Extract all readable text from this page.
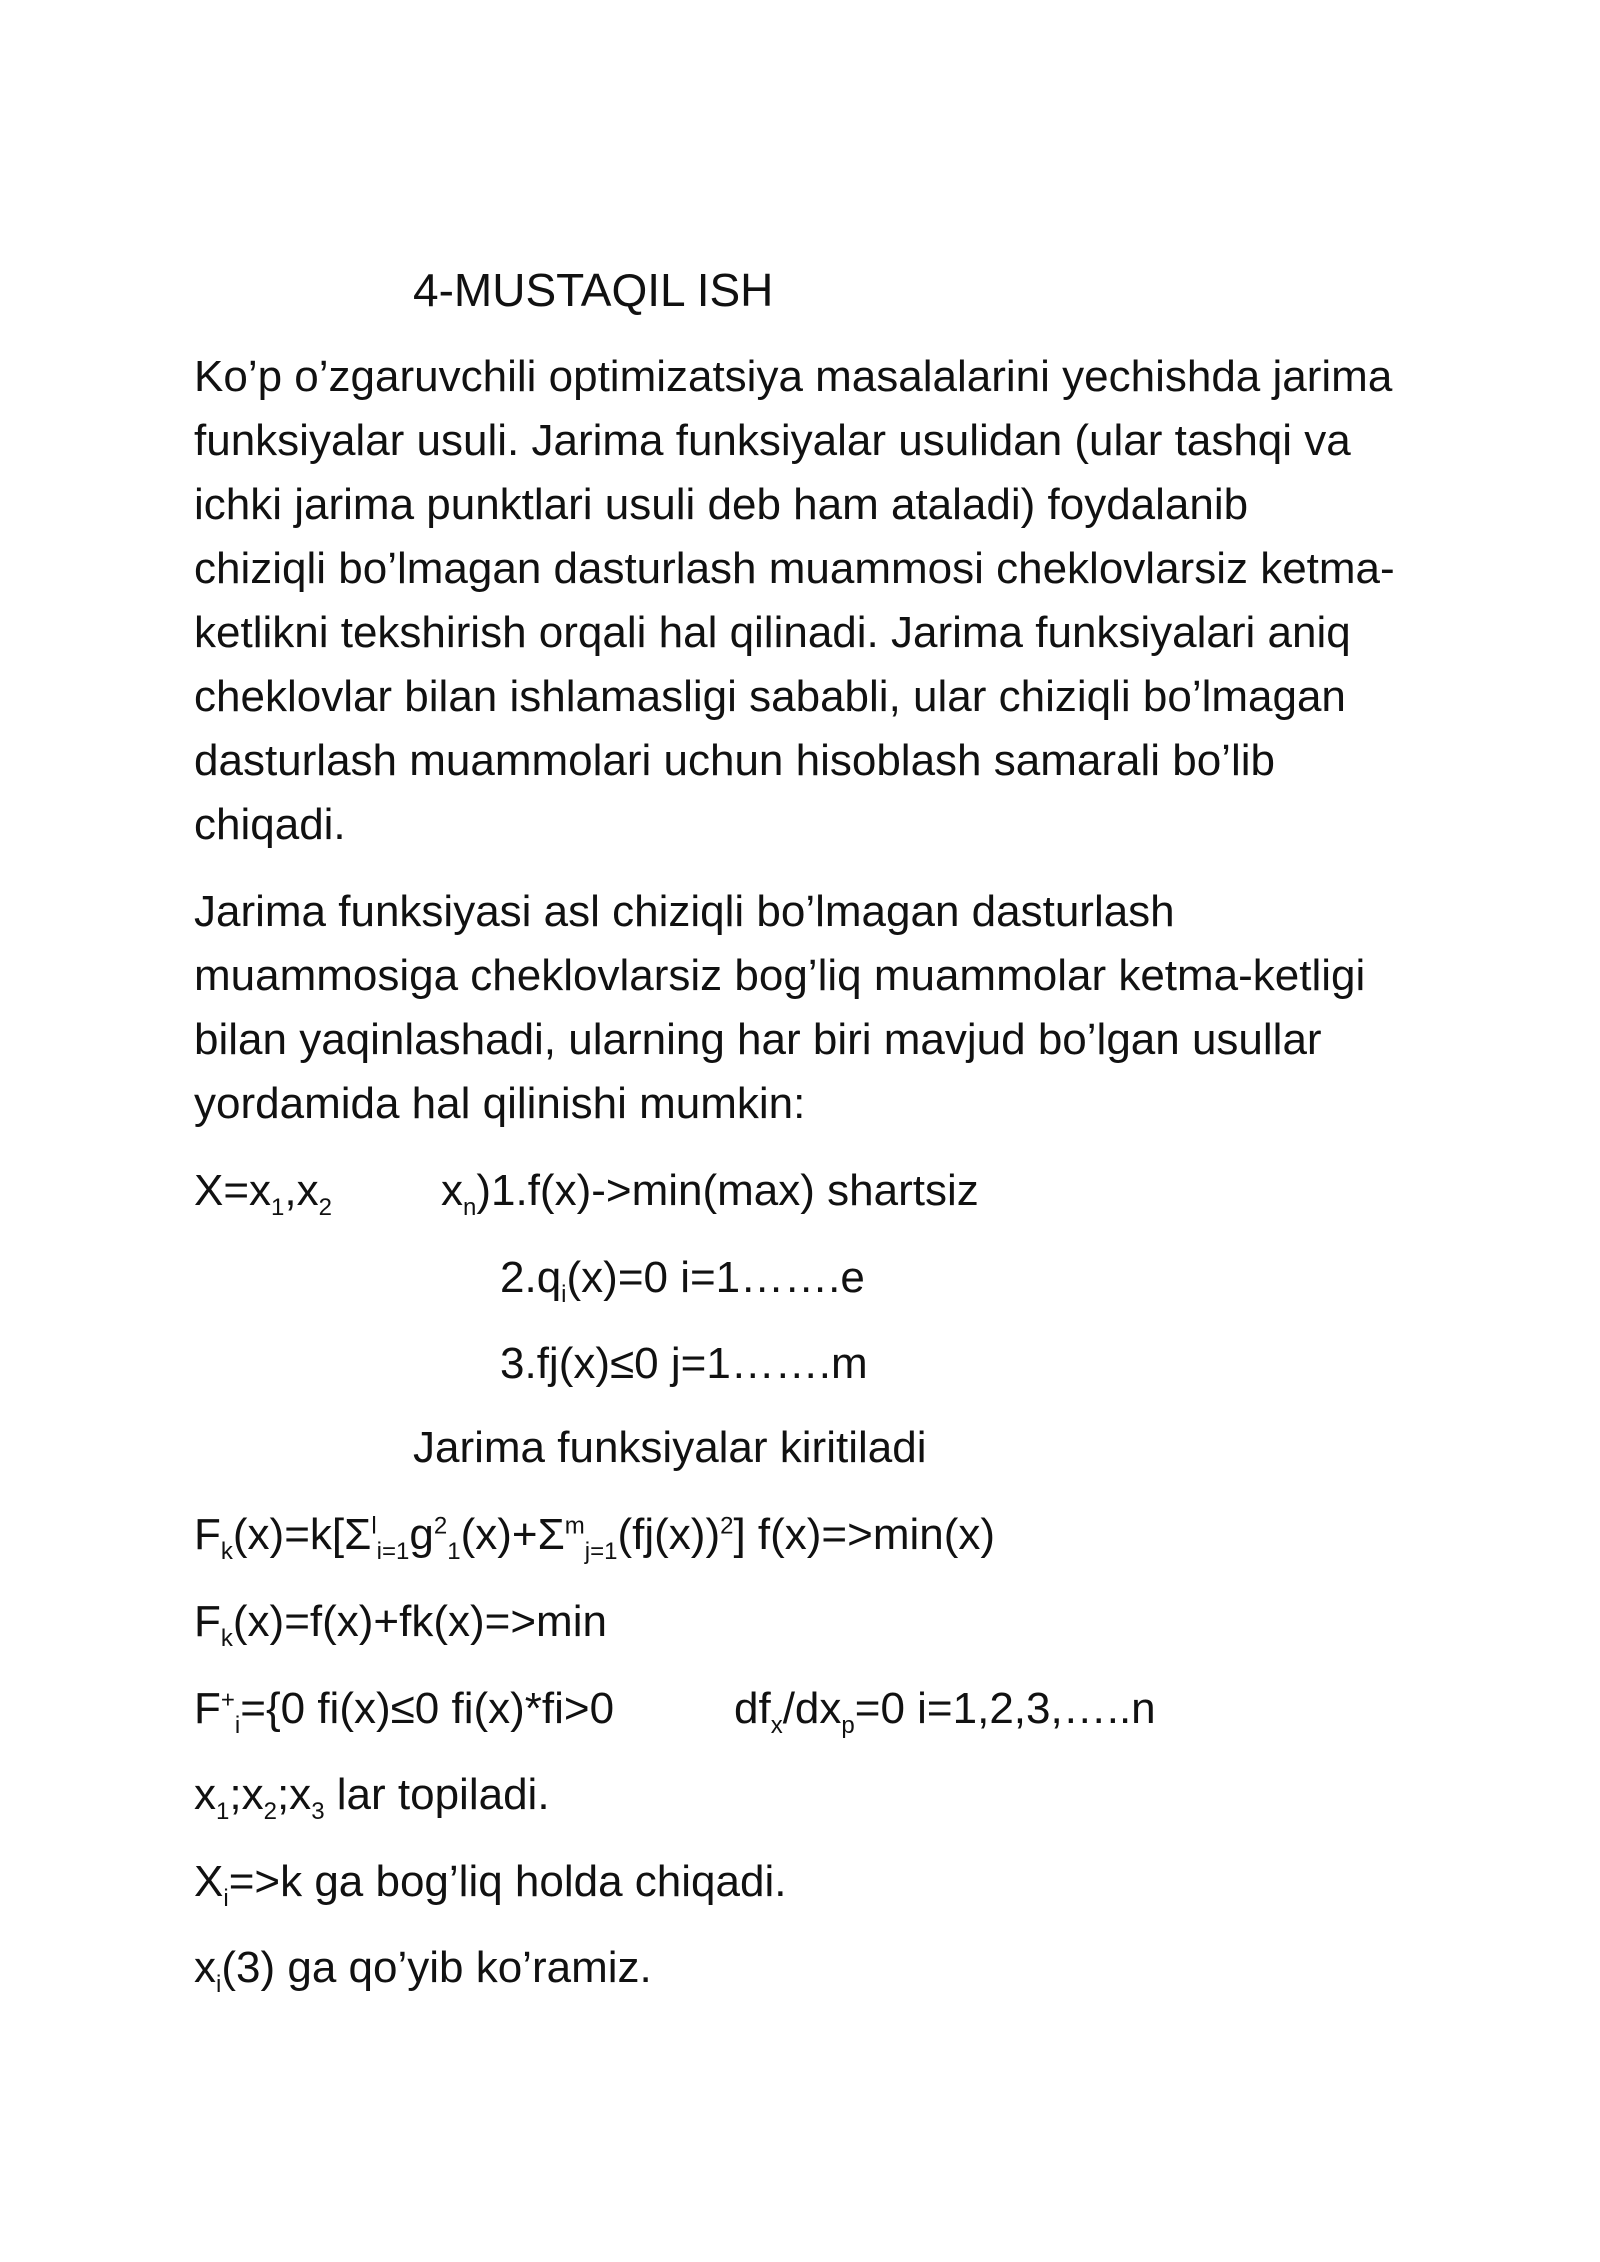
4-MUSTAQIL ISH
Ko’p o’zgaruvchili optimizatsiya masalalarini yechishda jarima
funksiyalar usuli. Jarima funksiyalar usulidan (ular tashqi va
ichki jarima punktlari usuli deb ham ataladi) foydalanib
chiziqli bo’lmagan dasturlash muammosi cheklovlarsiz ketma-
ketlikni tekshirish orqali hal qilinadi. Jarima funksiyalari aniq
cheklovlar bilan ishlamasligi sababli, ular chiziqli bo’lmagan
dasturlash muammolari uchun hisoblash samarali bo’lib
chiqadi.
Jarima funksiyasi asl chiziqli bo’lmagan dasturlash
muammosiga cheklovlarsiz bog’liq muammolar ketma-ketligi
bilan yaqinlashadi, ularning har biri mavjud bo’lgan usullar
yordamida hal qilinishi mumkin:
$X=x_1,x_2$ $x_n)1.f(x)->\min(\max)$ shartsiz
$2.q_i(x)=0$ i=1…….e
3.fj(x)≤0 j=1…….m
Jarima funksiyalar kiritiladi
$F_k(x)=k[\Sigma^l_{i=1}g^2_1(x)+\Sigma^m_{j=1}(fj(x))^2]$ f(x)=>min(x)
$F_k(x)=f(x)+fk(x)=>\min$
$F^+_i=\{0$ fi(x)≤0 fi(x)*fi>0	$df_x/dx_p=0$ i=1,2,3,…..n
$x_1;x_2;x_3$ lar topiladi.
$X_i=>k$ ga bog’liq holda chiqadi.
$x_i(3)$ ga qo’yib ko’ramiz.
